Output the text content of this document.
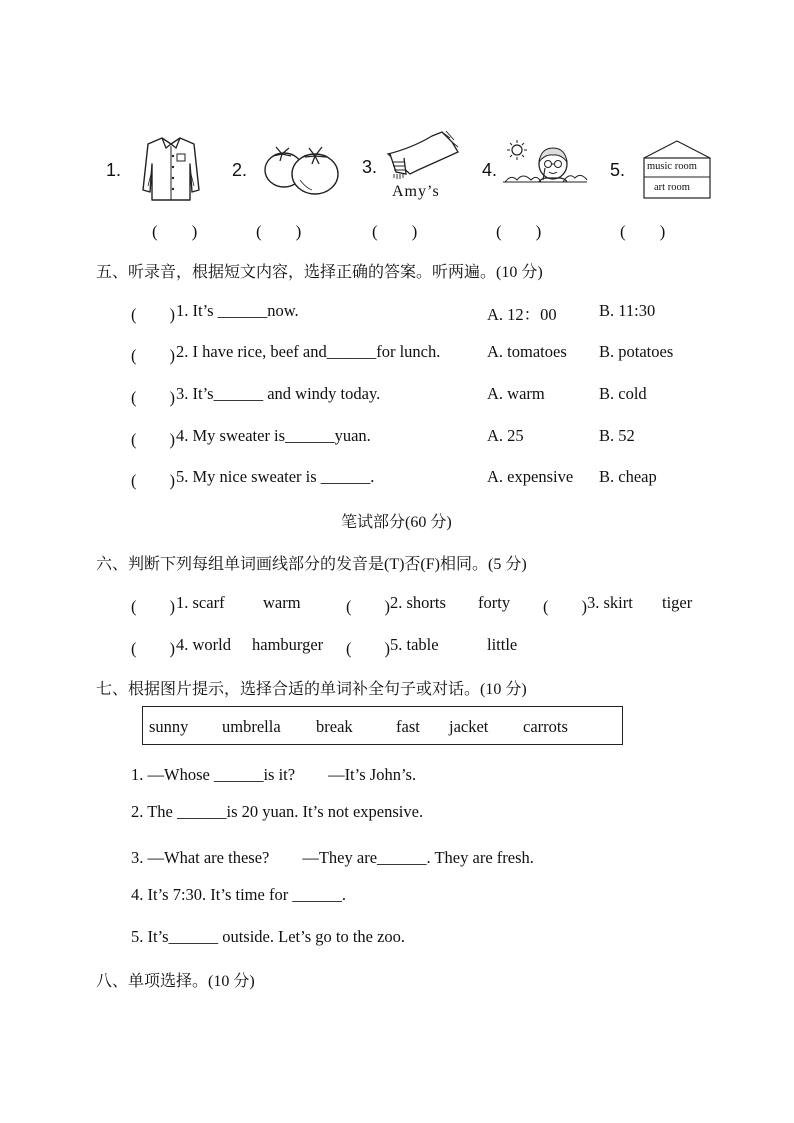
1.
(　　)
2.
(　　)
3.
Amy’s
(　　)
4.
(　　)
5. music room
art room
(　　)
五、听录音，根据短文内容，选择正确的答案。听两遍。(10 分)
(　　) 1. It’s ______now.	A. 12：00	B. 11:30
(　　) 2. I have rice, beef and______for lunch.	A. tomatoes B. potatoes
(　　) 3. It’s______ and windy today.	A. warm	B. cold
(　　) 4. My sweater is______yuan.	A. 25	B. 52
(　　) 5. My nice sweater is ______.	A. expensive B. cheap
笔试部分(60 分)
六、判断下列每组单词画线部分的发音是(T)否(F)相同。(5 分)
(　　) 1. scarf warm	(　　) 2. shorts forty (　　) 3. skirt tiger
(　　) 4. world hamburger (　　) 5. table	little
七、根据图片提示，选择合适的单词补全句子或对话。(10 分)
sunny umbrella break	fast jacket carrots
1. —Whose ______is it?　　—It’s John’s.
2. The ______is 20 yuan. It’s not expensive.
3. —What are these?　　—They are______. They are fresh.
4. It’s 7:30. It’s time for ______.
5. It’s______ outside. Let’s go to the zoo.
八、单项选择。(10 分)
